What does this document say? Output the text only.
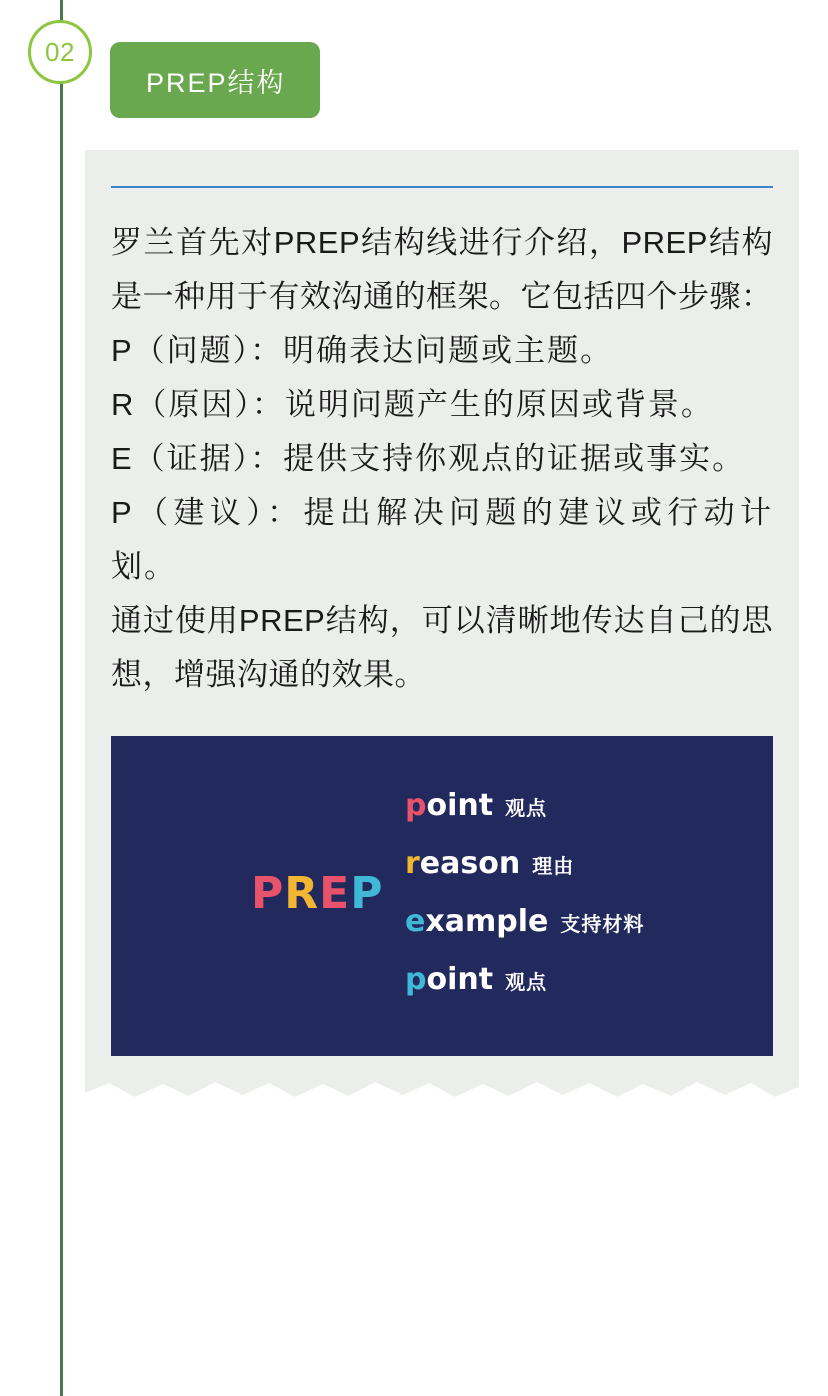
02
PREP结构

罗兰首先对PREP结构线进行介绍，PREP结构是一种用于有效沟通的框架。它包括四个步骤：

P（问题）：明确表达问题或主题。

R（原因）：说明问题产生的原因或背景。

E（证据）：提供支持你观点的证据或事实。

P（建议）：提出解决问题的建议或行动计划。

通过使用PREP结构，可以清晰地传达自己的思想，增强沟通的效果。

PREP
point 观点
reason 理由
example 支持材料
point 观点
